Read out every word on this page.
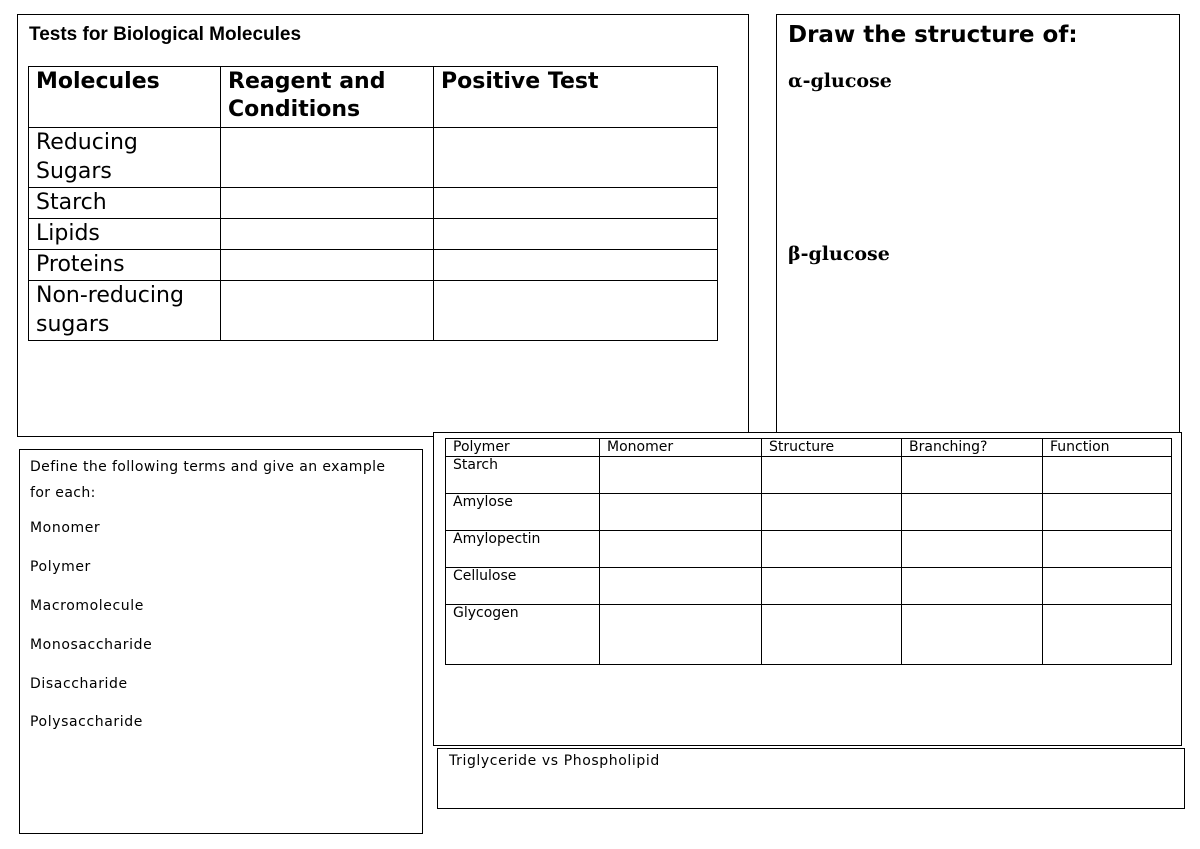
Tests for Biological Molecules
Molecules	Reagent and Conditions	Positive Test
Reducing Sugars		
Starch		
Lipids		
Proteins		
Non-reducing sugars		
Draw the structure of:
α-glucose
β-glucose
Define the following terms and give an example for each:
Monomer
Polymer
Macromolecule
Monosaccharide
Disaccharide
Polysaccharide
Polymer	Monomer	Structure	Branching?	Function
Starch				
Amylose				
Amylopectin				
Cellulose				
Glycogen				
Triglyceride vs Phospholipid
